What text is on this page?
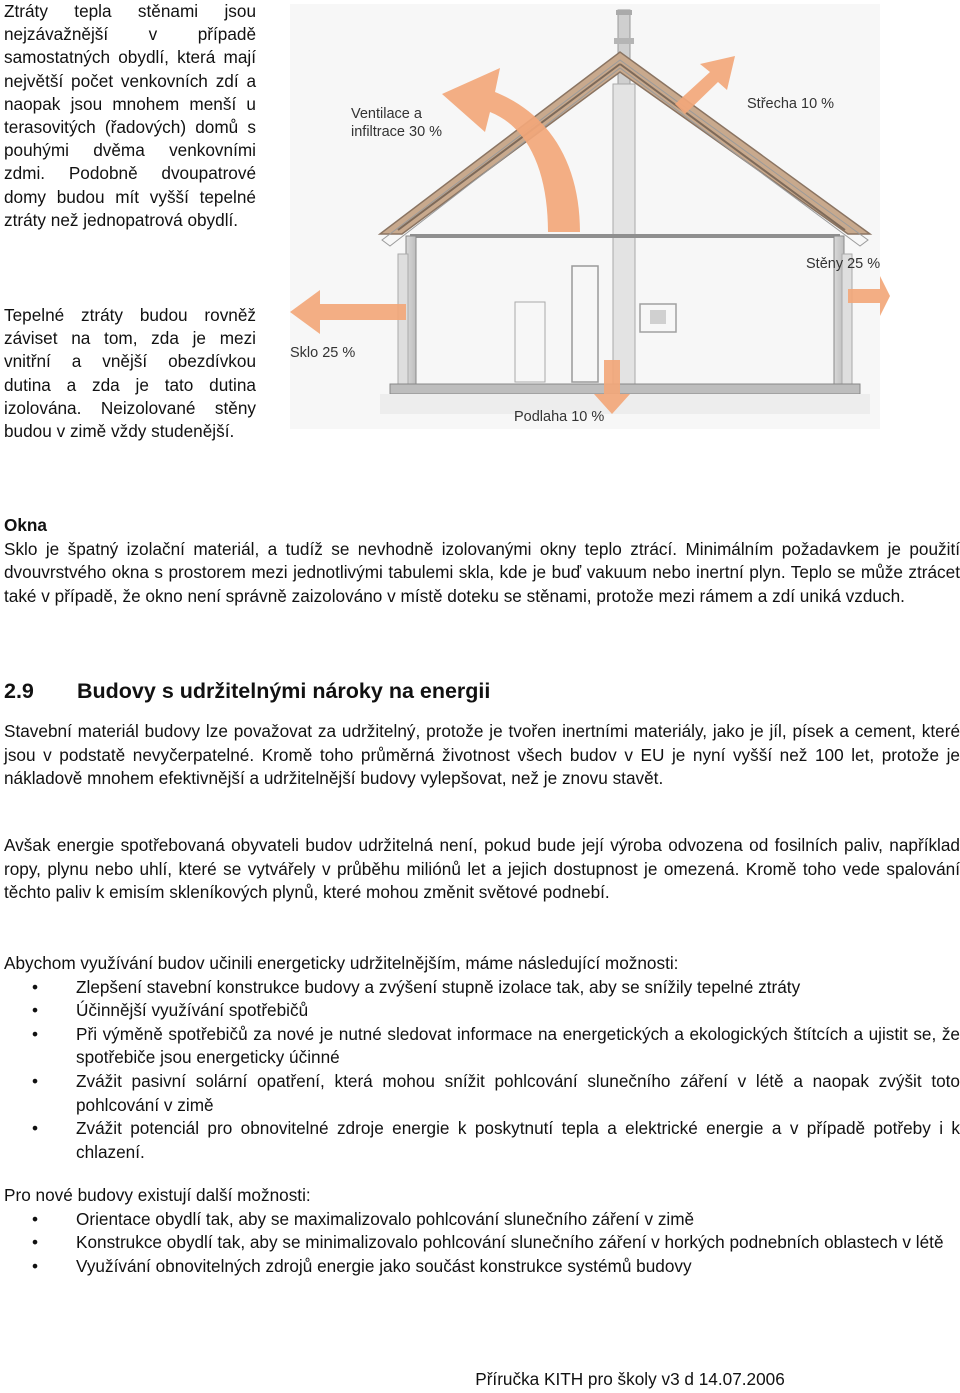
Ztráty tepla stěnami jsou nejzávažnější v případě samostatných obydlí, která mají největší počet venkovních zdí a naopak jsou mnohem menší u terasovitých (řadových) domů s pouhými dvěma venkovními zdmi. Podobně dvoupatrové domy budou mít vyšší tepelné ztráty než jednopatrová obydlí.

Tepelné ztráty budou rovněž záviset na tom, zda je mezi vnitřní a vnější obezdívkou dutina a zda je tato dutina izolována. Neizolované stěny budou v zimě vždy studenější.

Ventilace a
infiltrace 30 %
Střecha 10 %
Stěny 25 %
Sklo 25 %
Podlaha 10 %

Okna

Sklo je špatný izolační materiál, a tudíž se nevhodně izolovanými okny teplo ztrácí. Minimálním požadavkem je použití dvouvrstvého okna s prostorem mezi jednotlivými tabulemi skla, kde je buď vakuum nebo inertní plyn. Teplo se může ztrácet také v případě, že okno není správně zaizolováno v místě doteku se stěnami, protože mezi rámem a zdí uniká vzduch.

2.9 Budovy s udržitelnými nároky na energii

Stavební materiál budovy lze považovat za udržitelný, protože je tvořen inertními materiály, jako je jíl, písek a cement, které jsou v podstatě nevyčerpatelné. Kromě toho průměrná životnost všech budov v EU je nyní vyšší než 100 let, protože je nákladově mnohem efektivnější a udržitelnější budovy vylepšovat, než je znovu stavět.

Avšak energie spotřebovaná obyvateli budov udržitelná není, pokud bude její výroba odvozena od fosilních paliv, například ropy, plynu nebo uhlí, které se vytvářely v průběhu miliónů let a jejich dostupnost je omezená. Kromě toho vede spalování těchto paliv k emisím skleníkových plynů, které mohou změnit světové podnebí.

Abychom využívání budov učinili energeticky udržitelnějším, máme následující možnosti:

• Zlepšení stavební konstrukce budovy a zvýšení stupně izolace tak, aby se snížily tepelné ztráty
• Účinnější využívání spotřebičů
• Při výměně spotřebičů za nové je nutné sledovat informace na energetických a ekologických štítcích a ujistit se, že spotřebiče jsou energeticky účinné
• Zvážit pasivní solární opatření, která mohou snížit pohlcování slunečního záření v létě a naopak zvýšit toto pohlcování v zimě
• Zvážit potenciál pro obnovitelné zdroje energie k poskytnutí tepla a elektrické energie a v případě potřeby i k chlazení.

Pro nové budovy existují další možnosti:

• Orientace obydlí tak, aby se maximalizovalo pohlcování slunečního záření v zimě
• Konstrukce obydlí tak, aby se minimalizovalo pohlcování slunečního záření v horkých podnebních oblastech v létě
• Využívání obnovitelných zdrojů energie jako součást konstrukce systémů budovy
Příručka KITH pro školy v3 d 14.07.2006
